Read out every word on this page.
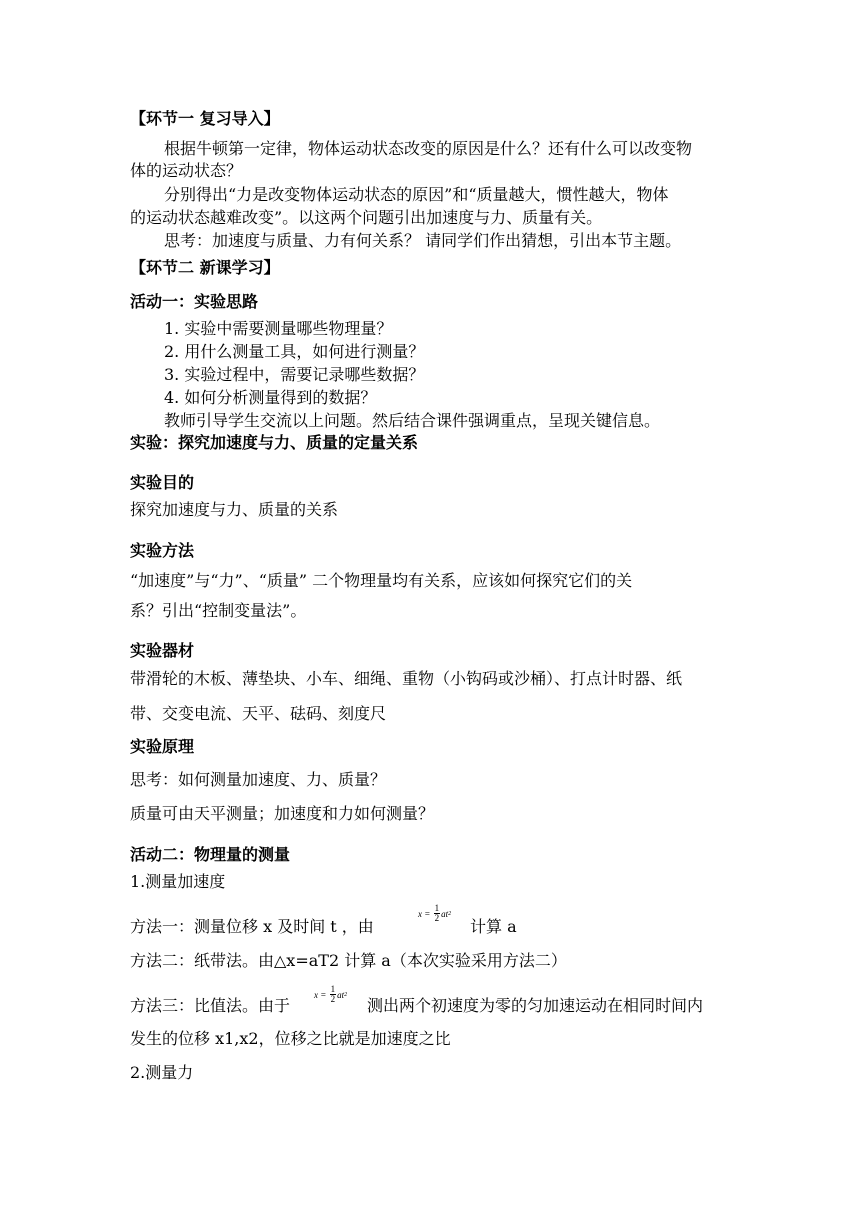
【环节一 复习导入】
根据牛顿第一定律，物体运动状态改变的原因是什么？还有什么可以改变物
体的运动状态？
分别得出“力是改变物体运动状态的原因”和“质量越大，惯性越大，物体
的运动状态越难改变”。以这两个问题引出加速度与力、质量有关。
思考：加速度与质量、力有何关系？ 请同学们作出猜想，引出本节主题。
【环节二 新课学习】
活动一：实验思路
1. 实验中需要测量哪些物理量？
2. 用什么测量工具，如何进行测量？
3. 实验过程中，需要记录哪些数据？
4. 如何分析测量得到的数据？
教师引导学生交流以上问题。然后结合课件强调重点，呈现关键信息。
实验：探究加速度与力、质量的定量关系
实验目的
探究加速度与力、质量的关系
实验方法
“加速度”与“力”、“质量” 二个物理量均有关系，应该如何探究它们的关
系？引出“控制变量法”。
实验器材
带滑轮的木板、薄垫块、小车、细绳、重物（小钩码或沙桶）、打点计时器、纸
带、交变电流、天平、砝码、刻度尺
实验原理
思考：如何测量加速度、力、质量？
质量可由天平测量；加速度和力如何测量？
活动二：物理量的测量
1.测量加速度
方法一：测量位移 x 及时间 t ，由
x =
$\frac{1}{2}$ at 2
计算 a
方法二：纸带法。由△x=aT2 计算 a（本次实验采用方法二）
方法三：比值法。由于
x =
$\frac{1}{2}$ at 2
测出两个初速度为零的匀加速运动在相同时间内
发生的位移 x1,x2，位移之比就是加速度之比
2.测量力
